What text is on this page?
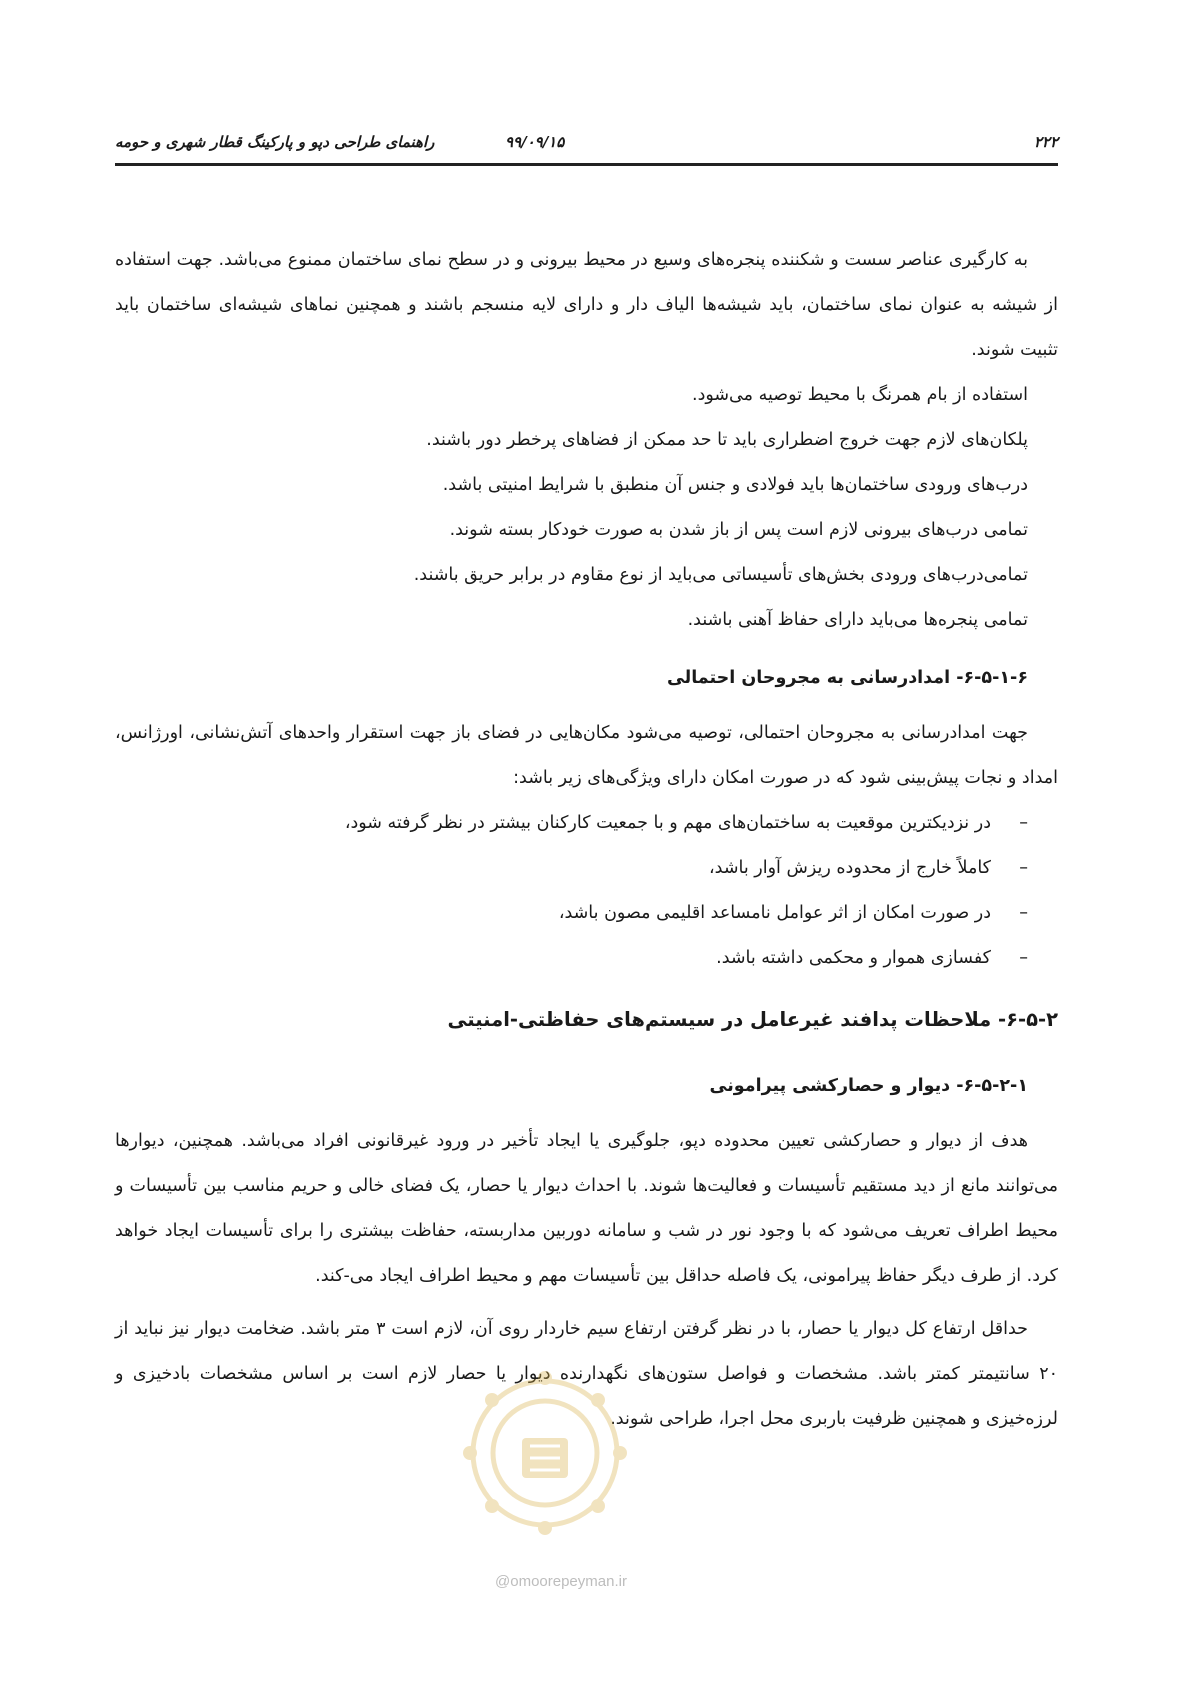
۲۲۲
۹۹/۰۹/۱۵
راهنمای طراحی دپو و پارکینگ قطار شهری و حومه

به کارگیری عناصر سست و شکننده پنجره‌های وسیع در محیط بیرونی و در سطح نمای ساختمان ممنوع می‌باشد. جهت استفاده از شیشه به عنوان نمای ساختمان، باید شیشه‌ها الیاف دار و دارای لایه منسجم باشند و همچنین نماهای شیشه‌ای ساختمان باید تثبیت شوند.

استفاده از بام همرنگ با محیط توصیه می‌شود.
پلکان‌های لازم جهت خروج اضطراری باید تا حد ممکن از فضاهای پرخطر دور باشند.
درب‌های ورودی ساختمان‌ها باید فولادی و جنس آن منطبق با شرایط امنیتی باشد.
تمامی درب‌های بیرونی لازم است پس از باز شدن به صورت خودکار بسته شوند.
تمامی‌درب‌های ورودی بخش‌های تأسیساتی می‌باید از نوع مقاوم در برابر حریق باشند.
تمامی پنجره‌ها می‌باید دارای حفاظ آهنی باشند.
۶-۵-۱-۶- امدادرسانی به مجروحان احتمالی

جهت امدادرسانی به مجروحان احتمالی، توصیه می‌شود مکان‌هایی در فضای باز جهت استقرار واحدهای آتش‌نشانی، اورژانس، امداد و نجات پیش‌بینی شود که در صورت امکان دارای ویژگی‌های زیر باشد:

–
در نزدیکترین موقعیت به ساختمان‌های مهم و با جمعیت کارکنان بیشتر در نظر گرفته شود،
–
کاملاً خارج از محدوده ریزش آوار باشد،
–
در صورت امکان از اثر عوامل نامساعد اقلیمی مصون باشد،
–
کفسازی هموار و محکمی داشته باشد.
۶-۵-۲- ملاحظات پدافند غیرعامل در سیستم‌های حفاظتی-امنیتی
۶-۵-۲-۱- دیوار و حصارکشی پیرامونی

هدف از دیوار و حصارکشی تعیین محدوده دپو، جلوگیری یا ایجاد تأخیر در ورود غیرقانونی افراد می‌باشد. همچنین، دیوارها می‌توانند مانع از دید مستقیم تأسیسات و فعالیت‌ها شوند. با احداث دیوار یا حصار، یک فضای خالی و حریم مناسب بین تأسیسات و محیط اطراف تعریف می‌شود که با وجود نور در شب و سامانه دوربین مداربسته، حفاظت بیشتری را برای تأسیسات ایجاد خواهد کرد. از طرف دیگر حفاظ پیرامونی، یک فاصله حداقل بین تأسیسات مهم و محیط اطراف ایجاد می-کند.

حداقل ارتفاع کل دیوار یا حصار، با در نظر گرفتن ارتفاع سیم خاردار روی آن، لازم است ۳ متر باشد. ضخامت دیوار نیز نباید از ۲۰ سانتیمتر کمتر باشد. مشخصات و فواصل ستون‌های نگهدارنده دیوار یا حصار لازم است بر اساس مشخصات بادخیزی و لرزه‌خیزی و همچنین ظرفیت باربری محل اجرا، طراحی شوند.

@omoorepeyman.ir
